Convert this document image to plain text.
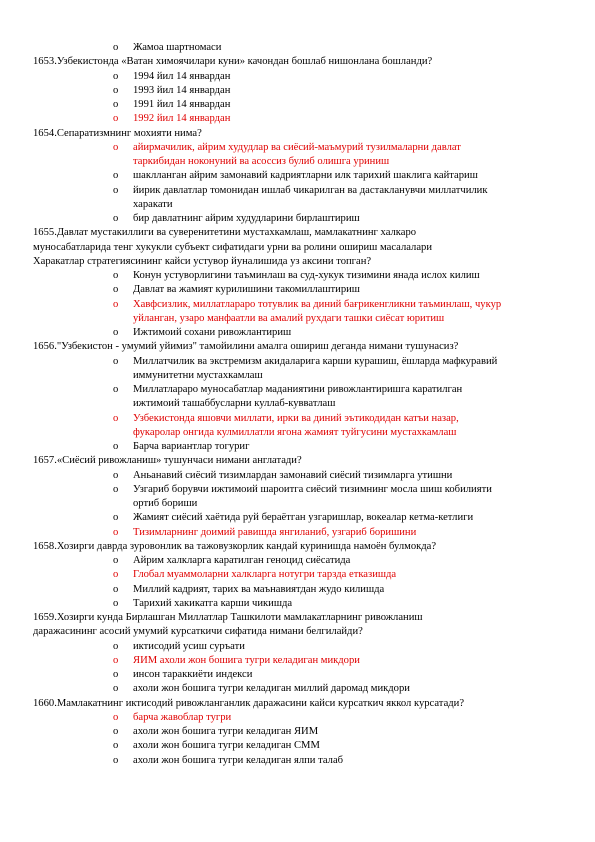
o Жамоа шартномаси
1653.Узбекистонда «Ватан химоячилари куни» качондан бошлаб нишонлана бошланди?
o 1994 йил 14 январдан
o 1993 йил 14 январдан
o 1991 йил 14 январдан
o 1992 йил 14 январдан
1654.Сепаратизмнинг мохияти нима?
o айирмачилик, айрим худудлар ва сиёсий-маъмурий тузилмаларни давлат
таркибидан ноконуний ва асоссиз булиб олишга уриниш
o шаклланган айрим замонавий кадриятларни илк тарихий шаклига кайтариш
o йирик давлатлар томонидан ишлаб чикарилган ва дастакланувчи миллатчилик
харакати
o бир давлатнинг айрим худудларини бирлаштириш
1655.Давлат мустакиллиги ва суверенитетини мустахкамлаш, мамлакатнинг халкаро
муносабатларида тенг хукукли субъект сифатидаги урни ва ролини ошириш масалалари
Харакатлар стратегиясининг кайси устувор йуналишида уз аксини топган?
o Конун устуворлигини таъминлаш ва суд-хукук тизимини янада ислох килиш
o Давлат ва жамият курилишини такомиллаштириш
o Хавфсизлик, миллатлараро тотувлик ва диний бағрикенгликни таъминлаш, чукур
уйланган, узаро манфаатли ва амалий рухдаги ташки сиёсат юритиш
o Ижтимоий сохани ривожлантириш
1656."Узбекистон - умумий уйимиз" тамойилини амалга ошириш деганда нимани тушунасиз?
o Миллатчилик ва экстремизм акидаларига карши курашиш, ёшларда мафкуравий
иммунитетни мустахкамлаш
o Миллатлараро муносабатлар маданиятини ривожлантиришга каратилган
ижтимоий ташаббусларни куллаб-кувватлаш
o Узбекистонда яшовчи миллати, ирки ва диний эътикодидан катъи назар,
фукаролар онгида кулмиллатли ягона жамият туйгусини мустахкамлаш
o Барча вариантлар тогуриг
1657.«Сиёсий ривожланиш» тушунчаси нимани англатади?
o Аньанавий сиёсий тизимлардан замонавий сиёсий тизимларга утишни
o Узгариб борувчи ижтимоий шароитга сиёсий тизимнинг мосла шиш кобилияти
ортиб бориши
o Жамият сиёсий хаётида руй бераётган узгаришлар, вокеалар кетма-кетлиги
o Тизимларнинг доимий равишда янгиланиб, узгариб боришини
1658.Хозирги даврда зуровонлик ва тажовузкорлик кандай куринишда намоён булмокда?
o Айрим халкларга каратилган геноцид сиёсатида
o Глобал муаммоларни халкларга нотугри тарзда етказишда
o Миллий кадрият, тарих ва маънавиятдан жудо килишда
o Тарихий хакикатга карши чикишда
1659.Хозирги кунда Бирлашган Миллатлар Ташкилоти мамлакатларнинг ривожланиш
даражасининг асосий умумий курсаткичи сифатида нимани белгилайди?
o иктисодий усиш суръати
o ЯИМ ахоли жон бошига тугри келадиган микдори
o инсон тараккиёти индекси
o ахоли жон бошига тугри келадиган миллий даромад микдори
1660.Мамлакатнинг иктисодий ривожланганлик даражасини кайси курсаткич яккол курсатади?
o барча жавоблар тугри
o ахоли жон бошига тугри келадиган ЯИМ
o ахоли жон бошига тугри келадиган СММ
o ахоли жон бошига тугри келадиган ялпи талаб
